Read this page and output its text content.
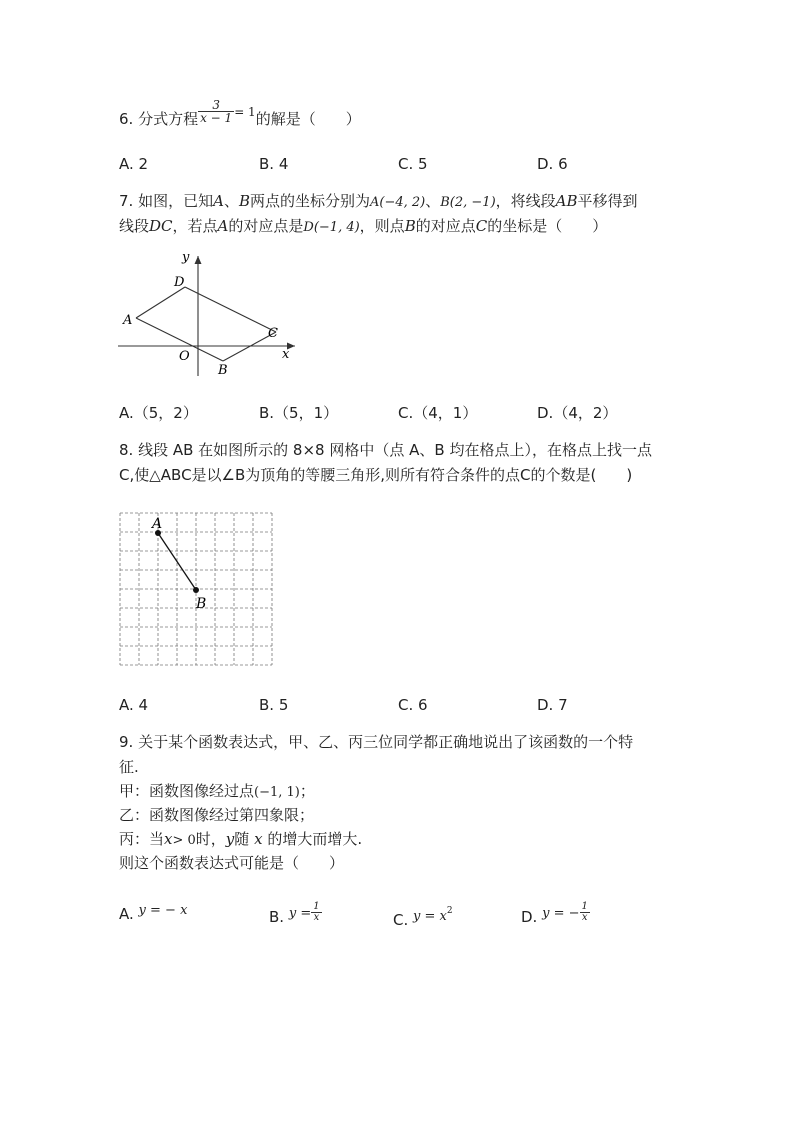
6. 分式方程 $\frac{3}{x - 1} ^{= 1}$的解是（　　）
A. 2	B. 4	C. 5	D. 6
7. 如图，已知A、B两点的坐标分别为A(−4, 2)、B(2, −1)，将线段AB平移得到
线段DC，若点A的对应点是D(−1, 4)，则点B的对应点C的坐标是（　　）
y
x
O
A
D
C
B
A.（5，2）	B.（5，1）	C.（4，1）	D.（4，2）
8. 线段 AB 在如图所示的 8×8 网格中（点 A、B 均在格点上），在格点上找一点
C,使△ABC是以∠B为顶角的等腰三角形,则所有符合条件的点C的个数是(　　)
A
B
A. 4	B. 5	C. 6	D. 7
9. 关于某个函数表达式，甲、乙、丙三位同学都正确地说出了该函数的一个特
征.
甲：函数图像经过点(−1, 1)；
乙：函数图像经过第四象限；
丙：当x> 0时，y随 x 的增大而增大.
则这个函数表达式可能是（　　）
A. y = − x	B. $y = \frac{1}{x}$	C. $y = x^2$	D. y = − $\frac{1}{x}$
